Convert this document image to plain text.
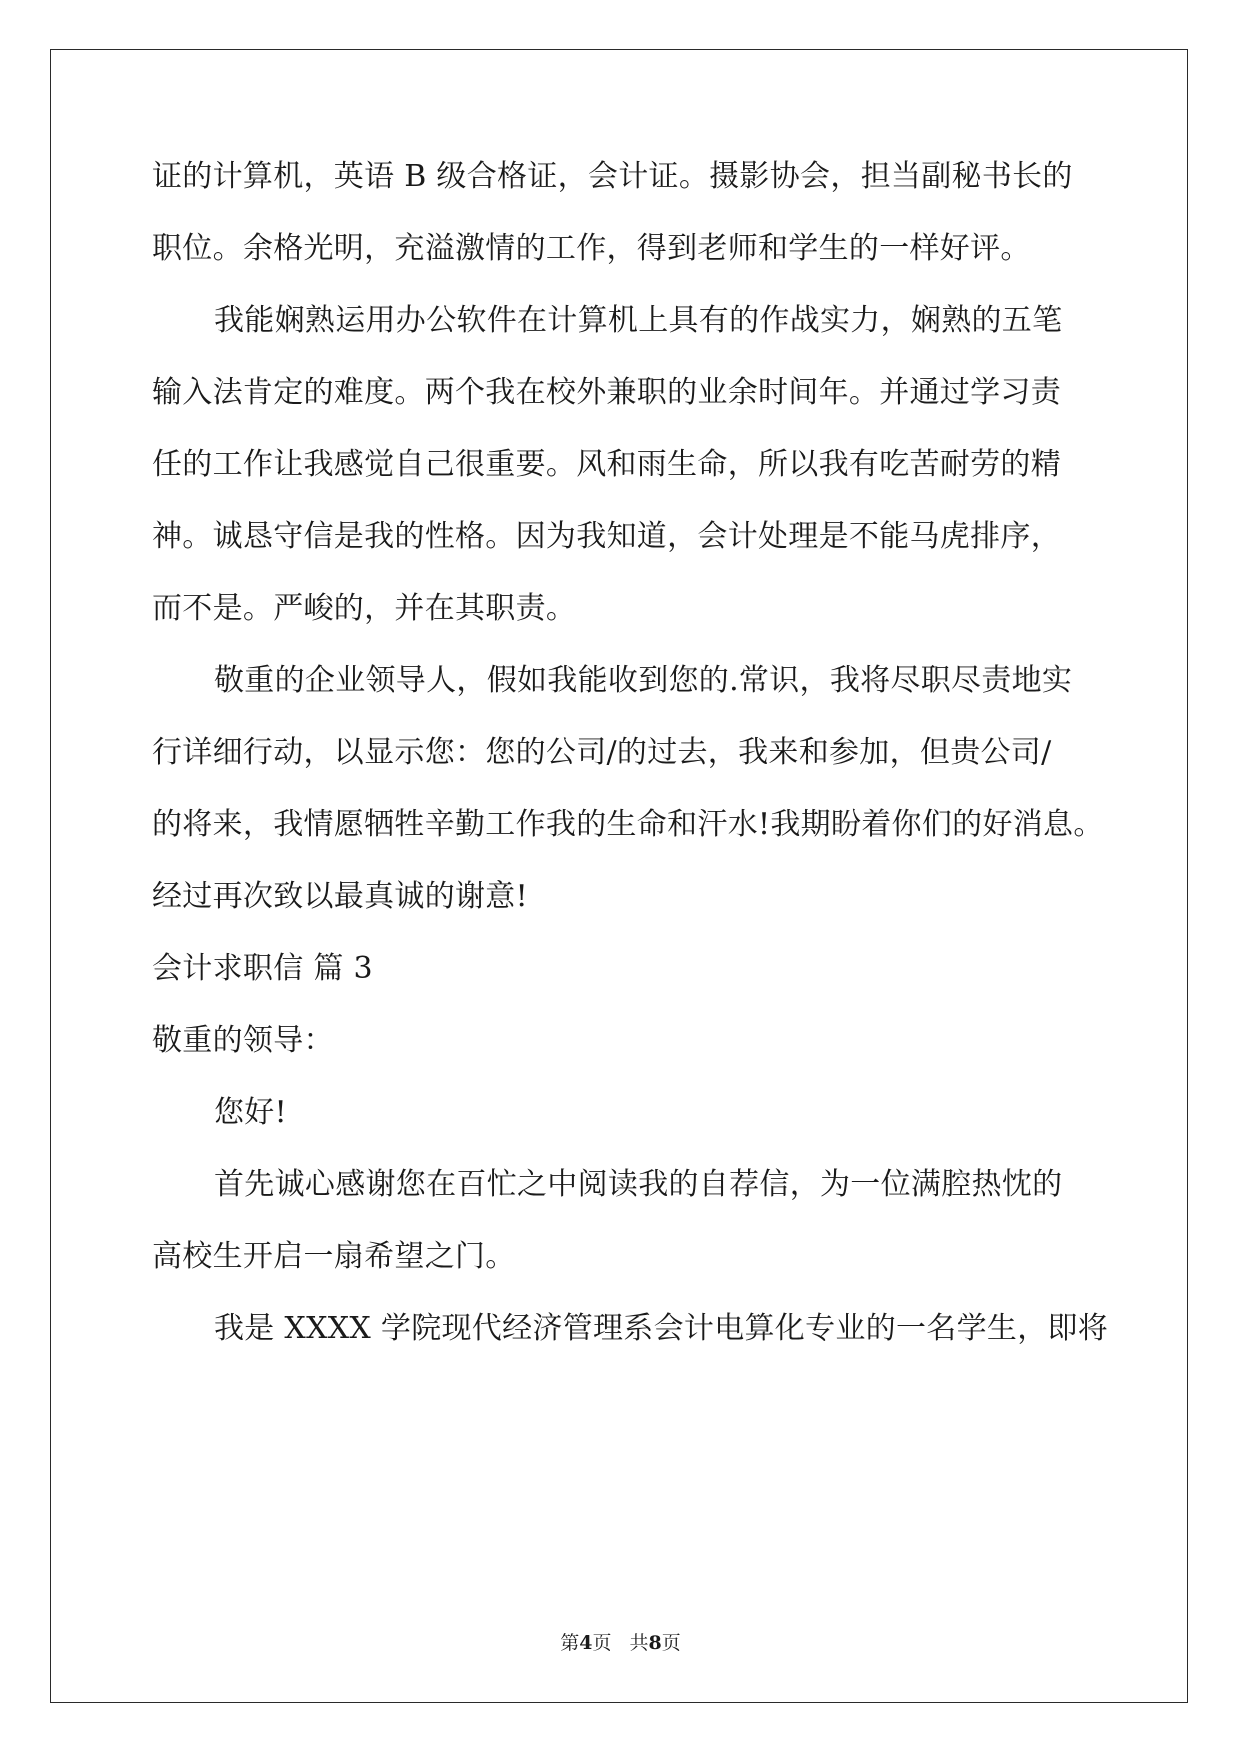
证的计算机，英语 B 级合格证，会计证。摄影协会，担当副秘书长的
职位。余格光明，充溢激情的工作，得到老师和学生的一样好评。
我能娴熟运用办公软件在计算机上具有的作战实力，娴熟的五笔
输入法肯定的难度。两个我在校外兼职的业余时间年。并通过学习责
任的工作让我感觉自己很重要。风和雨生命，所以我有吃苦耐劳的精
神。诚恳守信是我的性格。因为我知道，会计处理是不能马虎排序，
而不是。严峻的，并在其职责。
敬重的企业领导人，假如我能收到您的.常识，我将尽职尽责地实
行详细行动，以显示您：您的公司/的过去，我来和参加，但贵公司/
的将来，我情愿牺牲辛勤工作我的生命和汗水!我期盼着你们的好消息。
经过再次致以最真诚的谢意!
会计求职信 篇 3
敬重的领导：
您好!
首先诚心感谢您在百忙之中阅读我的自荐信，为一位满腔热忱的
高校生开启一扇希望之门。
我是 XXXX 学院现代经济管理系会计电算化专业的一名学生，即将
第4页 共8页
